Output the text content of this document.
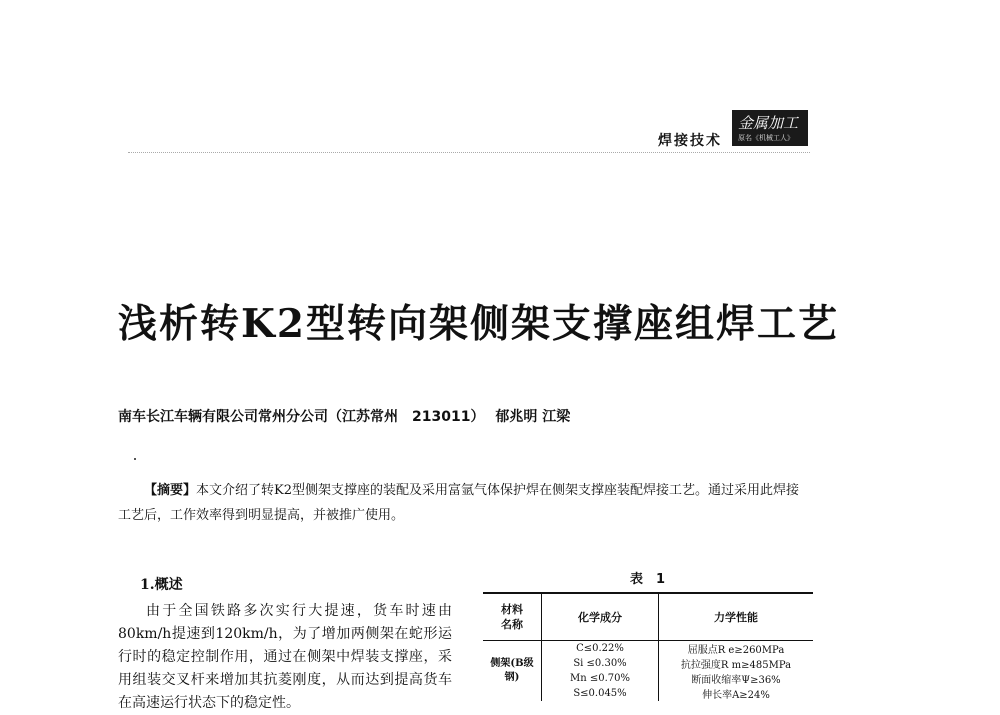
焊接技术
金属加工
原名《机械工人》
浅析转K2型转向架侧架支撑座组焊工艺
南车长江车辆有限公司常州分公司（江苏常州　213011） 郁兆明 江梁
【摘要】本文介绍了转K2型侧架支撑座的装配及采用富氩气体保护焊在侧架支撑座装配焊接工艺。通过采用此焊接工艺后，工作效率得到明显提高，并被推广使用。
1.概述
由于全国铁路多次实行大提速，货车时速由80km/h提速到120km/h，为了增加两侧架在蛇形运行时的稳定控制作用，通过在侧架中焊装支撑座，采用组装交叉杆来增加其抗菱刚度，从而达到提高货车在高速运行状态下的稳定性。
表　1
材料名称	化学成分	力学性能
侧架(B级钢)	C≤0.22%	屈服点R e≥260MPa
	Si ≤0.30%	抗拉强度R m≥485MPa
	Mn ≤0.70%	断面收缩率Ψ≥36%
	S≤0.045%	伸长率A≥24%
